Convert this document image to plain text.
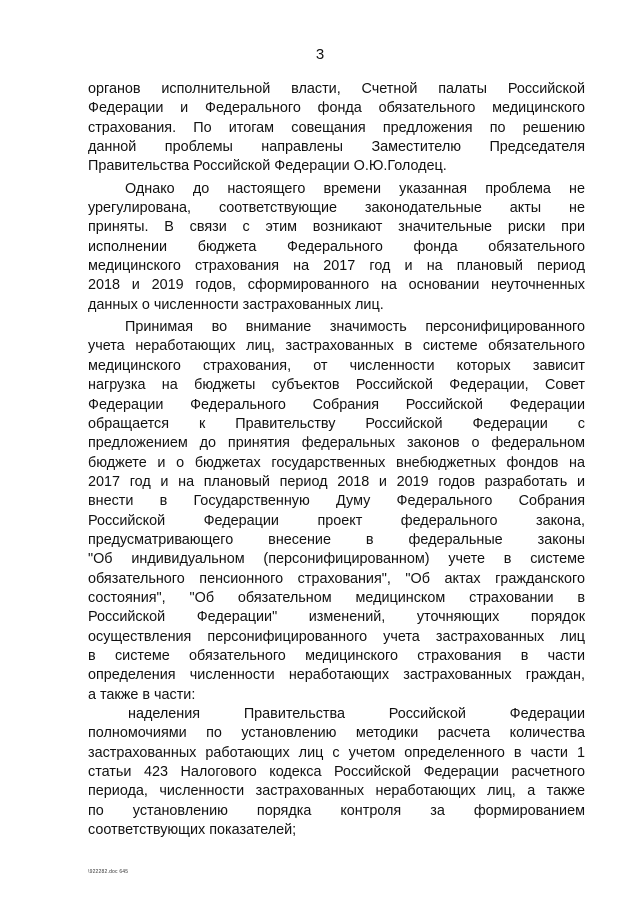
3
органов исполнительной власти, Счетной палаты Российской
Федерации и Федерального фонда обязательного медицинского
страхования. По итогам совещания предложения по решению
данной проблемы направлены Заместителю Председателя
Правительства Российской Федерации О.Ю.Голодец.
Однако до настоящего времени указанная проблема не
урегулирована, соответствующие законодательные акты не
приняты. В связи с этим возникают значительные риски при
исполнении бюджета Федерального фонда обязательного
медицинского страхования на 2017 год и на плановый период
2018 и 2019 годов, сформированного на основании неуточненных
данных о численности застрахованных лиц.
Принимая во внимание значимость персонифицированного
учета неработающих лиц, застрахованных в системе обязательного
медицинского страхования, от численности которых зависит
нагрузка на бюджеты субъектов Российской Федерации, Совет
Федерации Федерального Собрания Российской Федерации
обращается к Правительству Российской Федерации с
предложением до принятия федеральных законов о федеральном
бюджете и о бюджетах государственных внебюджетных фондов на
2017 год и на плановый период 2018 и 2019 годов разработать и
внести в Государственную Думу Федерального Собрания
Российской Федерации проект федерального закона,
предусматривающего внесение в федеральные законы
"Об индивидуальном (персонифицированном) учете в системе
обязательного пенсионного страхования", "Об актах гражданского
состояния", "Об обязательном медицинском страховании в
Российской Федерации" изменений, уточняющих порядок
осуществления персонифицированного учета застрахованных лиц
в системе обязательного медицинского страхования в части
определения численности неработающих застрахованных граждан,
а также в части:
наделения Правительства Российской Федерации
полномочиями по установлению методики расчета количества
застрахованных работающих лиц с учетом определенного в части 1
статьи 423 Налогового кодекса Российской Федерации расчетного
периода, численности застрахованных неработающих лиц, а также
по установлению порядка контроля за формированием
соответствующих показателей;
\922282.doc 645
